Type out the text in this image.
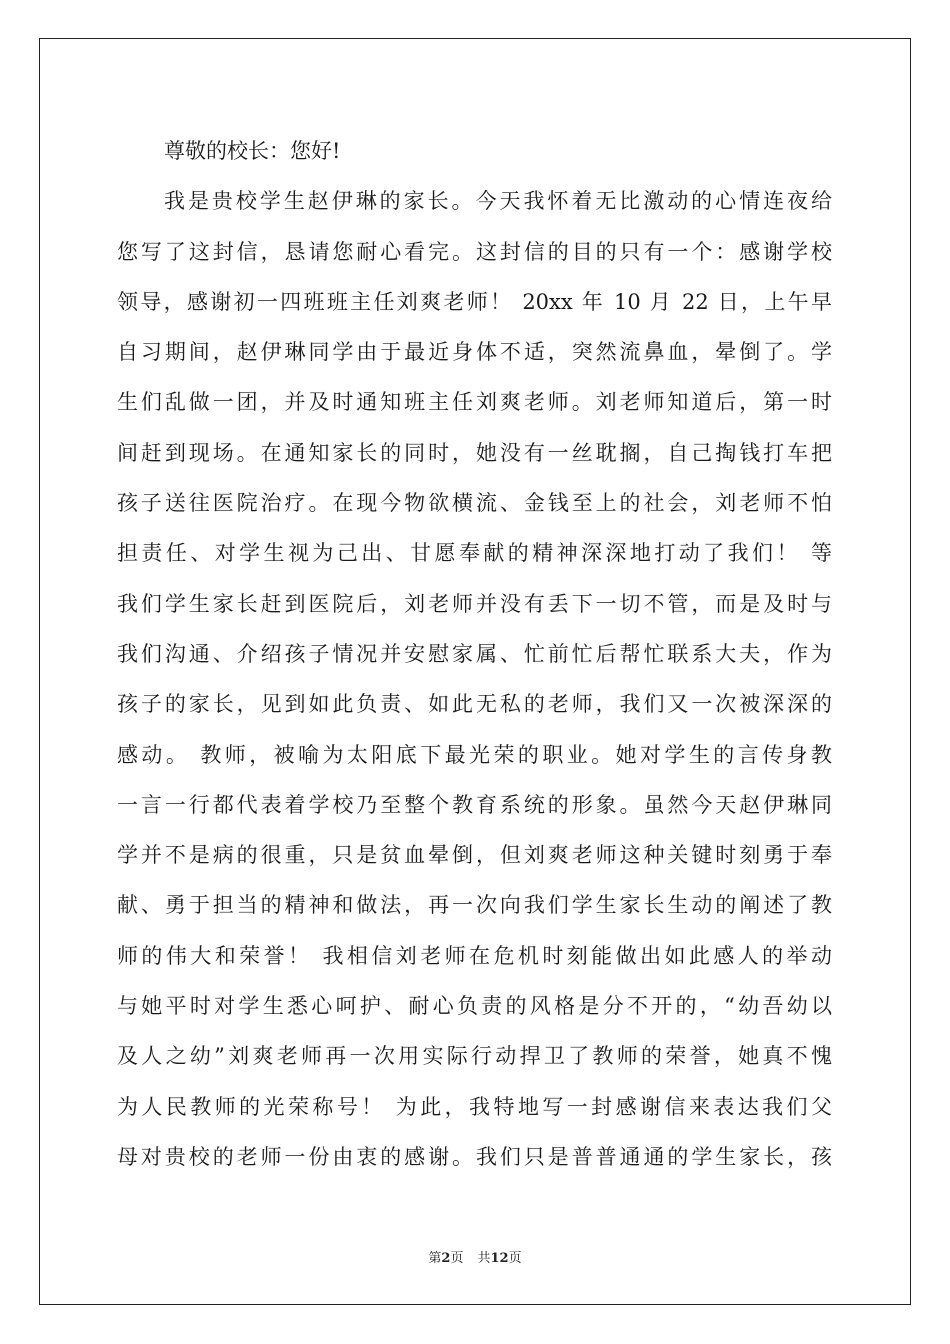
尊敬的校长：您好!
我是贵校学生赵伊琳的家长。今天我怀着无比激动的心情连夜给
您写了这封信，恳请您耐心看完。这封信的目的只有一个：感谢学校
领导，感谢初一四班班主任刘爽老师！ 20xx 年 10 月 22 日，上午早
自习期间，赵伊琳同学由于最近身体不适，突然流鼻血，晕倒了。学
生们乱做一团，并及时通知班主任刘爽老师。刘老师知道后，第一时
间赶到现场。在通知家长的同时，她没有一丝耽搁，自己掏钱打车把
孩子送往医院治疗。在现今物欲横流、金钱至上的社会，刘老师不怕
担责任、对学生视为己出、甘愿奉献的精神深深地打动了我们！ 等
我们学生家长赶到医院后，刘老师并没有丢下一切不管，而是及时与
我们沟通、介绍孩子情况并安慰家属、忙前忙后帮忙联系大夫，作为
孩子的家长，见到如此负责、如此无私的老师，我们又一次被深深的
感动。 教师，被喻为太阳底下最光荣的职业。她对学生的言传身教
一言一行都代表着学校乃至整个教育系统的形象。虽然今天赵伊琳同
学并不是病的很重，只是贫血晕倒，但刘爽老师这种关键时刻勇于奉
献、勇于担当的精神和做法，再一次向我们学生家长生动的阐述了教
师的伟大和荣誉！ 我相信刘老师在危机时刻能做出如此感人的举动
与她平时对学生悉心呵护、耐心负责的风格是分不开的，“幼吾幼以
及人之幼”刘爽老师再一次用实际行动捍卫了教师的荣誉，她真不愧
为人民教师的光荣称号！ 为此，我特地写一封感谢信来表达我们父
母对贵校的老师一份由衷的感谢。我们只是普普通通的学生家长，孩
第2页 共12页
